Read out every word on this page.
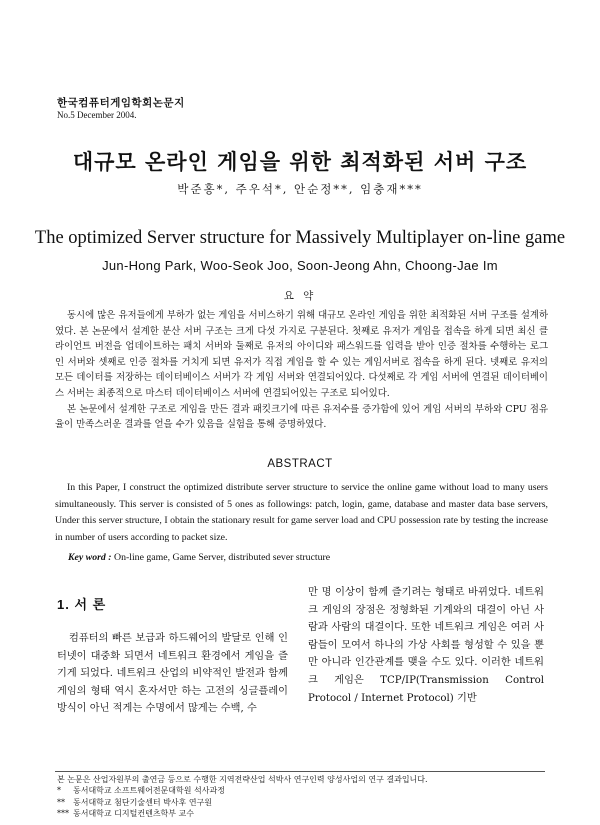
한국컴퓨터게임학회논문지
No.5 December 2004.
대규모 온라인 게임을 위한 최적화된 서버 구조
박준홍*, 주우석*, 안순정**, 임충재***
The optimized Server structure for Massively Multiplayer on-line game
Jun-Hong Park, Woo-Seok Joo, Soon-Jeong Ahn, Choong-Jae Im
요 약

동시에 많은 유저들에게 부하가 없는 게임을 서비스하기 위해 대규모 온라인 게임을 위한 최적화된 서버 구조를 설계하였다. 본 논문에서 설계한 분산 서버 구조는 크게 다섯 가지로 구분된다. 첫째로 유저가 게임을 접속을 하게 되면 최신 클라이언트 버전을 업데이트하는 패치 서버와 둘째로 유저의 아이디와 패스워드를 입력을 받아 인증 절차를 수행하는 로그인 서버와 셋째로 인증 절차를 거치게 되면 유저가 직접 게임을 할 수 있는 게임서버로 접속을 하게 된다. 넷째로 유저의 모든 데이터를 저장하는 데이터베이스 서버가 각 게임 서버와 연결되어있다. 다섯째로 각 게임 서버에 연결된 데이터베이스 서버는 최종적으로 마스터 데이터베이스 서버에 연결되어있는 구조로 되어있다.

본 논문에서 설계한 구조로 게임을 만든 결과 패킷크기에 따른 유저수를 증가함에 있어 게임 서버의 부하와 CPU 점유율이 만족스러운 결과를 얻을 수가 있음을 실험을 통해 증명하였다.

ABSTRACT

In this Paper, I construct the optimized distribute server structure to service the online game without load to many users simultaneously. This server is consisted of 5 ones as followings: patch, login, game, database and master data base servers, Under this server structure, I obtain the stationary result for game server load and CPU possession rate by testing the increase in number of users according to packet size.

Key word : On-line game, Game Server, distributed sever structure
1. 서 론

컴퓨터의 빠른 보급과 하드웨어의 발달로 인해 인터넷이 대중화 되면서 네트워크 환경에서 게임을 즐기게 되었다. 네트워크 산업의 비약적인 발전과 함께 게임의 형태 역시 혼자서만 하는 고전의 싱글플레이 방식이 아닌 적게는 수명에서 많게는 수백, 수

만 명 이상이 함께 즐기려는 형태로 바뀌었다. 네트워크 게임의 장점은 정형화된 기계와의 대결이 아닌 사람과 사람의 대결이다. 또한 네트워크 게임은 여러 사람들이 모여서 하나의 가상 사회를 형성할 수 있을 뿐만 아니라 인간관계를 맺을 수도 있다. 이러한 네트워크 게임은 TCP/IP(Transmission Control Protocol / Internet Protocol) 기반

본 논문은 산업자원부의 출연금 등으로 수행한 지역전략산업 석박사 연구인력 양성사업의 연구 결과입니다.
* 동서대학교 소프트웨어전문대학원 석사과정
** 동서대학교 첨단기술센터 박사후 연구원
*** 동서대학교 디지털컨텐츠학부 교수
